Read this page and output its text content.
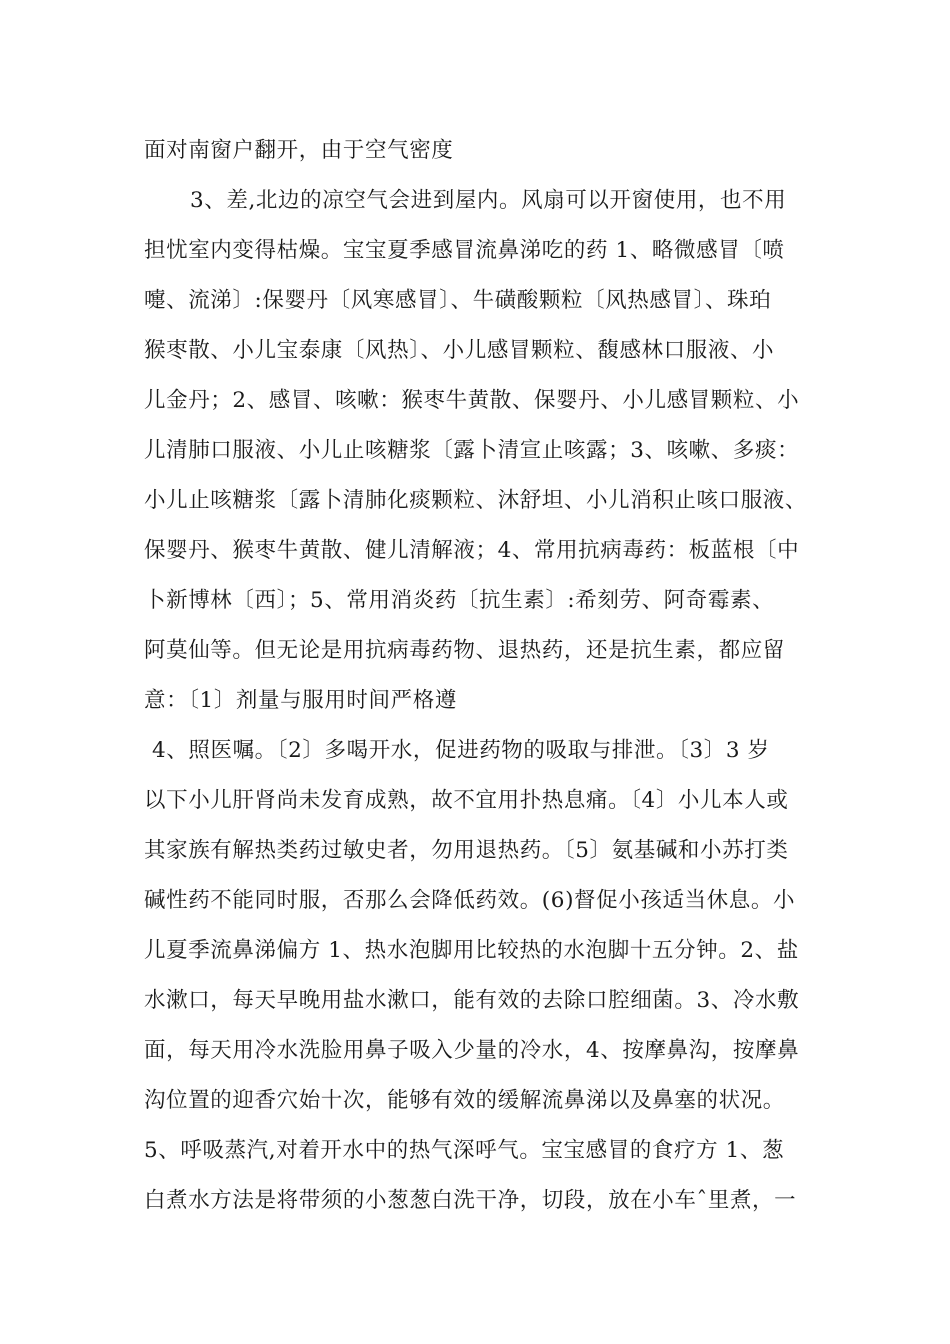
面对南窗户翻开，由于空气密度
3、差,北边的凉空气会进到屋内。风扇可以开窗使用，也不用
担忧室内变得枯燥。宝宝夏季感冒流鼻涕吃的药 1、略微感冒〔喷
嚏、流涕〕:保婴丹〔风寒感冒〕、牛磺酸颗粒〔风热感冒〕、珠珀
猴枣散、小儿宝泰康〔风热〕、小儿感冒颗粒、馥感林口服液、小
儿金丹；2、感冒、咳嗽：猴枣牛黄散、保婴丹、小儿感冒颗粒、小
儿清肺口服液、小儿止咳糖浆〔露卜清宣止咳露；3、咳嗽、多痰：
小儿止咳糖浆〔露卜清肺化痰颗粒、沐舒坦、小儿消积止咳口服液、
保婴丹、猴枣牛黄散、健儿清解液；4、常用抗病毒药：板蓝根〔中
卜新博林〔西〕；5、常用消炎药〔抗生素〕:希刻劳、阿奇霉素、
阿莫仙等。但无论是用抗病毒药物、退热药，还是抗生素，都应留
意：〔1〕剂量与服用时间严格遵
4、照医嘱。〔2〕多喝开水，促进药物的吸取与排泄。〔3〕3 岁
以下小儿肝肾尚未发育成熟，故不宜用扑热息痛。〔4〕小儿本人或
其家族有解热类药过敏史者，勿用退热药。〔5〕氨基碱和小苏打类
碱性药不能同时服，否那么会降低药效。(6)督促小孩适当休息。小
儿夏季流鼻涕偏方 1、热水泡脚用比较热的水泡脚十五分钟。2、盐
水漱口，每天早晚用盐水漱口，能有效的去除口腔细菌。3、冷水敷
面，每天用冷水洗脸用鼻子吸入少量的冷水，4、按摩鼻沟，按摩鼻
沟位置的迎香穴始十次，能够有效的缓解流鼻涕以及鼻塞的状况。
5、呼吸蒸汽,对着开水中的热气深呼气。宝宝感冒的食疗方 1、葱
白煮水方法是将带须的小葱葱白洗干净，切段，放在小车ˆ里煮，一
